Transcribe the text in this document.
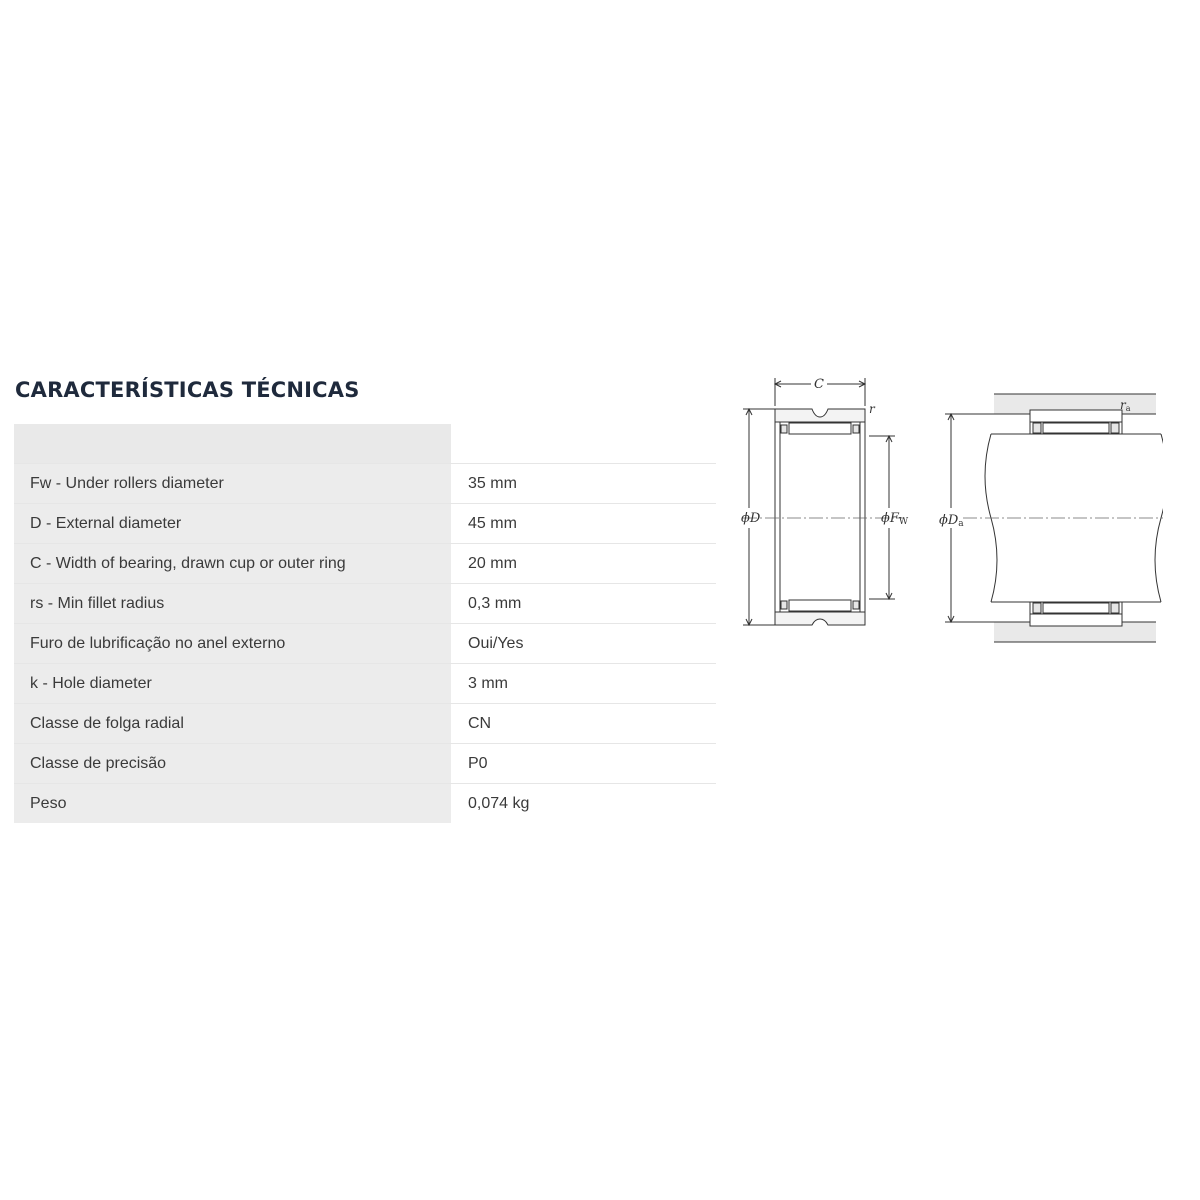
CARACTERÍSTICAS TÉCNICAS

Fw - Under rollers diameter	35 mm
D - External diameter	45 mm
C - Width of bearing, drawn cup or outer ring	20 mm
rs - Min fillet radius	0,3 mm
Furo de lubrificação no anel externo	Oui/Yes
k - Hole diameter	3 mm
Classe de folga radial	CN
Classe de precisão	P0
Peso	0,074 kg
C
r
ϕD	ϕFW ϕDa
ra
